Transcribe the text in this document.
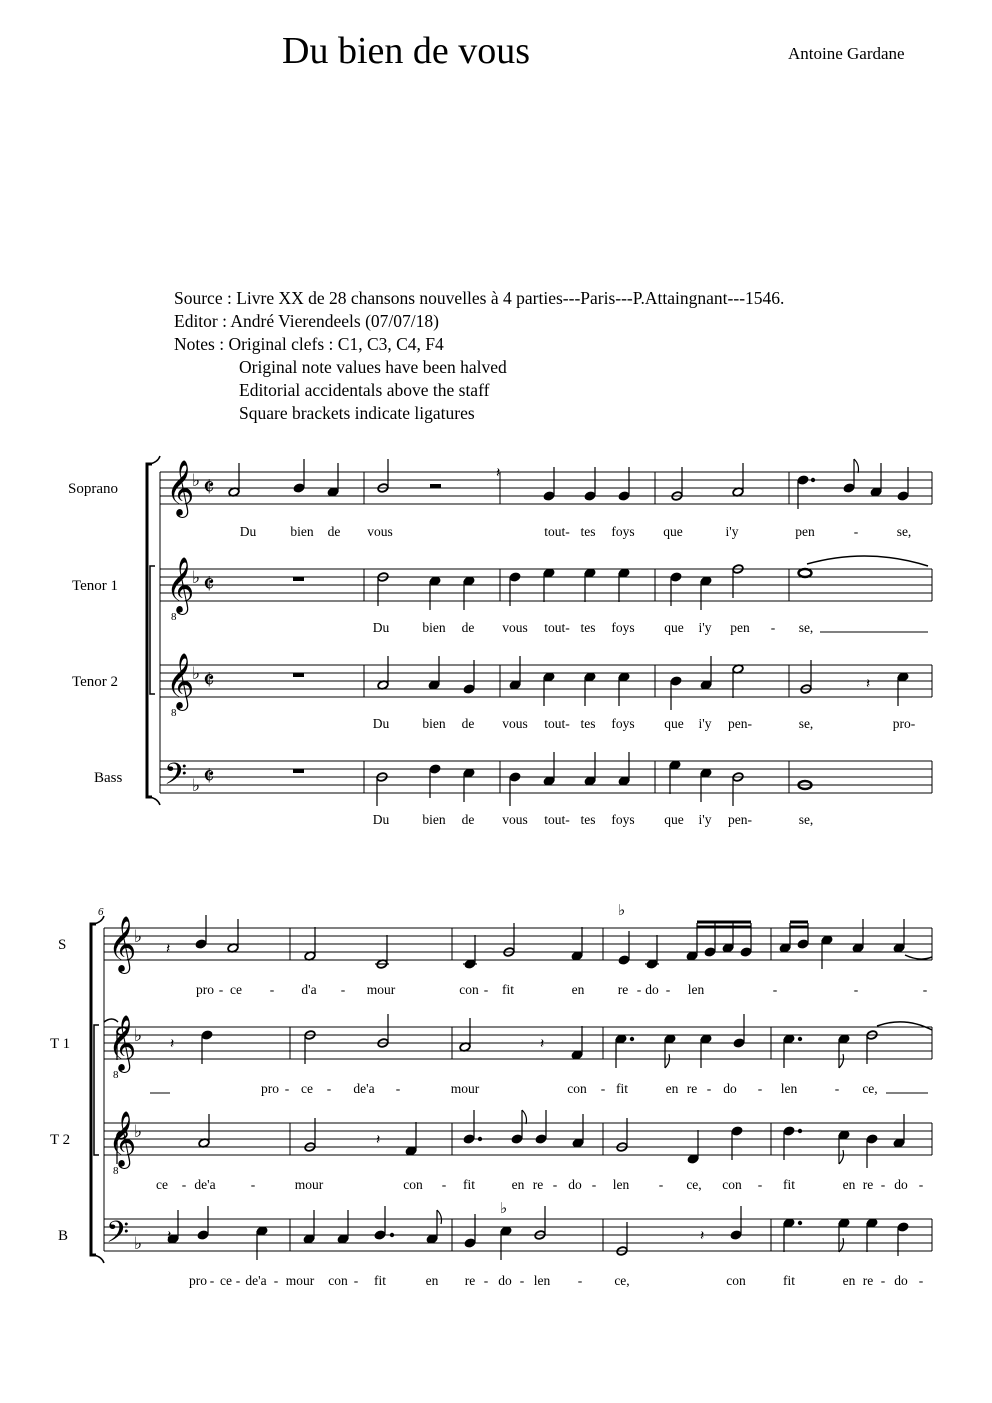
Du bien de vous	Antoine Gardane
Source : Livre XX de 28 chansons nouvelles à 4 parties---Paris---P.Attaingnant---1546.
Editor : André Vierendeels (07/07/18)
Notes : Original clefs : C1, C3, C4, F4
Original note values have been halved
Editorial accidentals above the staff
Square brackets indicate ligatures
𝄞
𝄞
8
𝄞
8
𝄢
♭
♭
♭
♭
𝄵
𝄵
𝄵
𝄵
Soprano
Tenor 1
Tenor 2
Bass
𝄽
𝄽
Du	bien de vous	tout- tes foys que	i'y	pen	-	se,
Du bien de vous tout- tes foys que i'y pen - se,
Du bien de vous tout- tes foys que i'y pen-	se,	pro-
Du bien de vous tout- tes foys que i'y pen-	se,
6
𝄞
𝄞
8
𝄞
8
𝄢
♭
♭
♭
♭
S
T 1
T 2
B
♭
𝄽
𝄽	𝄽
𝄽
♭
𝄽	𝄽
pro - ce - d'a - mour	con - fit	en re - do - len	-	-	-
pro - ce - de'a -	mour	con - fit	en re - do - len	- ce,
ce - de'a	-	mour	con - fit	en re - do - len - ce, con - fit	en re - do -
pro - ce - de'a - mour con - fit	en re - do - len - ce,	con	fit	en re - do -
